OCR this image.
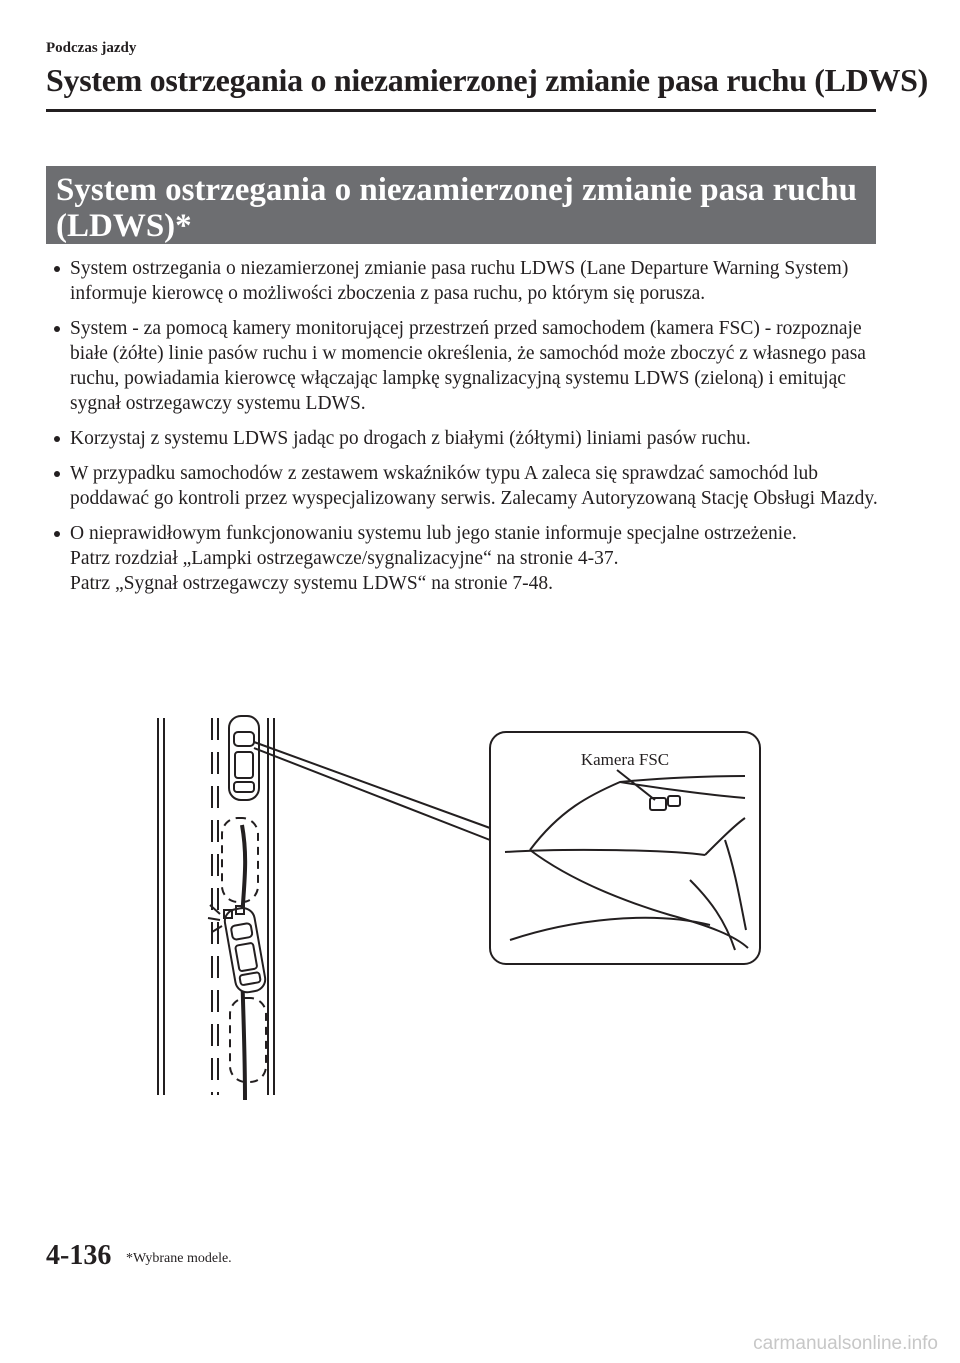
Podczas jazdy
System ostrzegania o niezamierzonej zmianie pasa ruchu (LDWS)
System ostrzegania o niezamierzonej zmianie pasa ruchu
(LDWS)*
System ostrzegania o niezamierzonej zmianie pasa ruchu LDWS (Lane Departure Warning System) informuje kierowcę o możliwości zboczenia z pasa ruchu, po którym się porusza.
System - za pomocą kamery monitorującej przestrzeń przed samochodem (kamera FSC) - rozpoznaje białe (żółte) linie pasów ruchu i w momencie określenia, że samochód może zboczyć z własnego pasa ruchu, powiadamia kierowcę włączając lampkę sygnalizacyjną systemu LDWS (zieloną) i emitując sygnał ostrzegawczy systemu LDWS.
Korzystaj z systemu LDWS jadąc po drogach z białymi (żółtymi) liniami pasów ruchu.
W przypadku samochodów z zestawem wskaźników typu A zaleca się sprawdzać samochód lub poddawać go kontroli przez wyspecjalizowany serwis. Zalecamy Autoryzowaną Stację Obsługi Mazdy.
O nieprawidłowym funkcjonowaniu systemu lub jego stanie informuje specjalne ostrzeżenie.
Patrz rozdział „Lampki ostrzegawcze/sygnalizacyjne“ na stronie 4-37.
Patrz „Sygnał ostrzegawczy systemu LDWS“ na stronie 7-48.
Kamera FSC
4-136 *Wybrane modele.
carmanualsonline.info
